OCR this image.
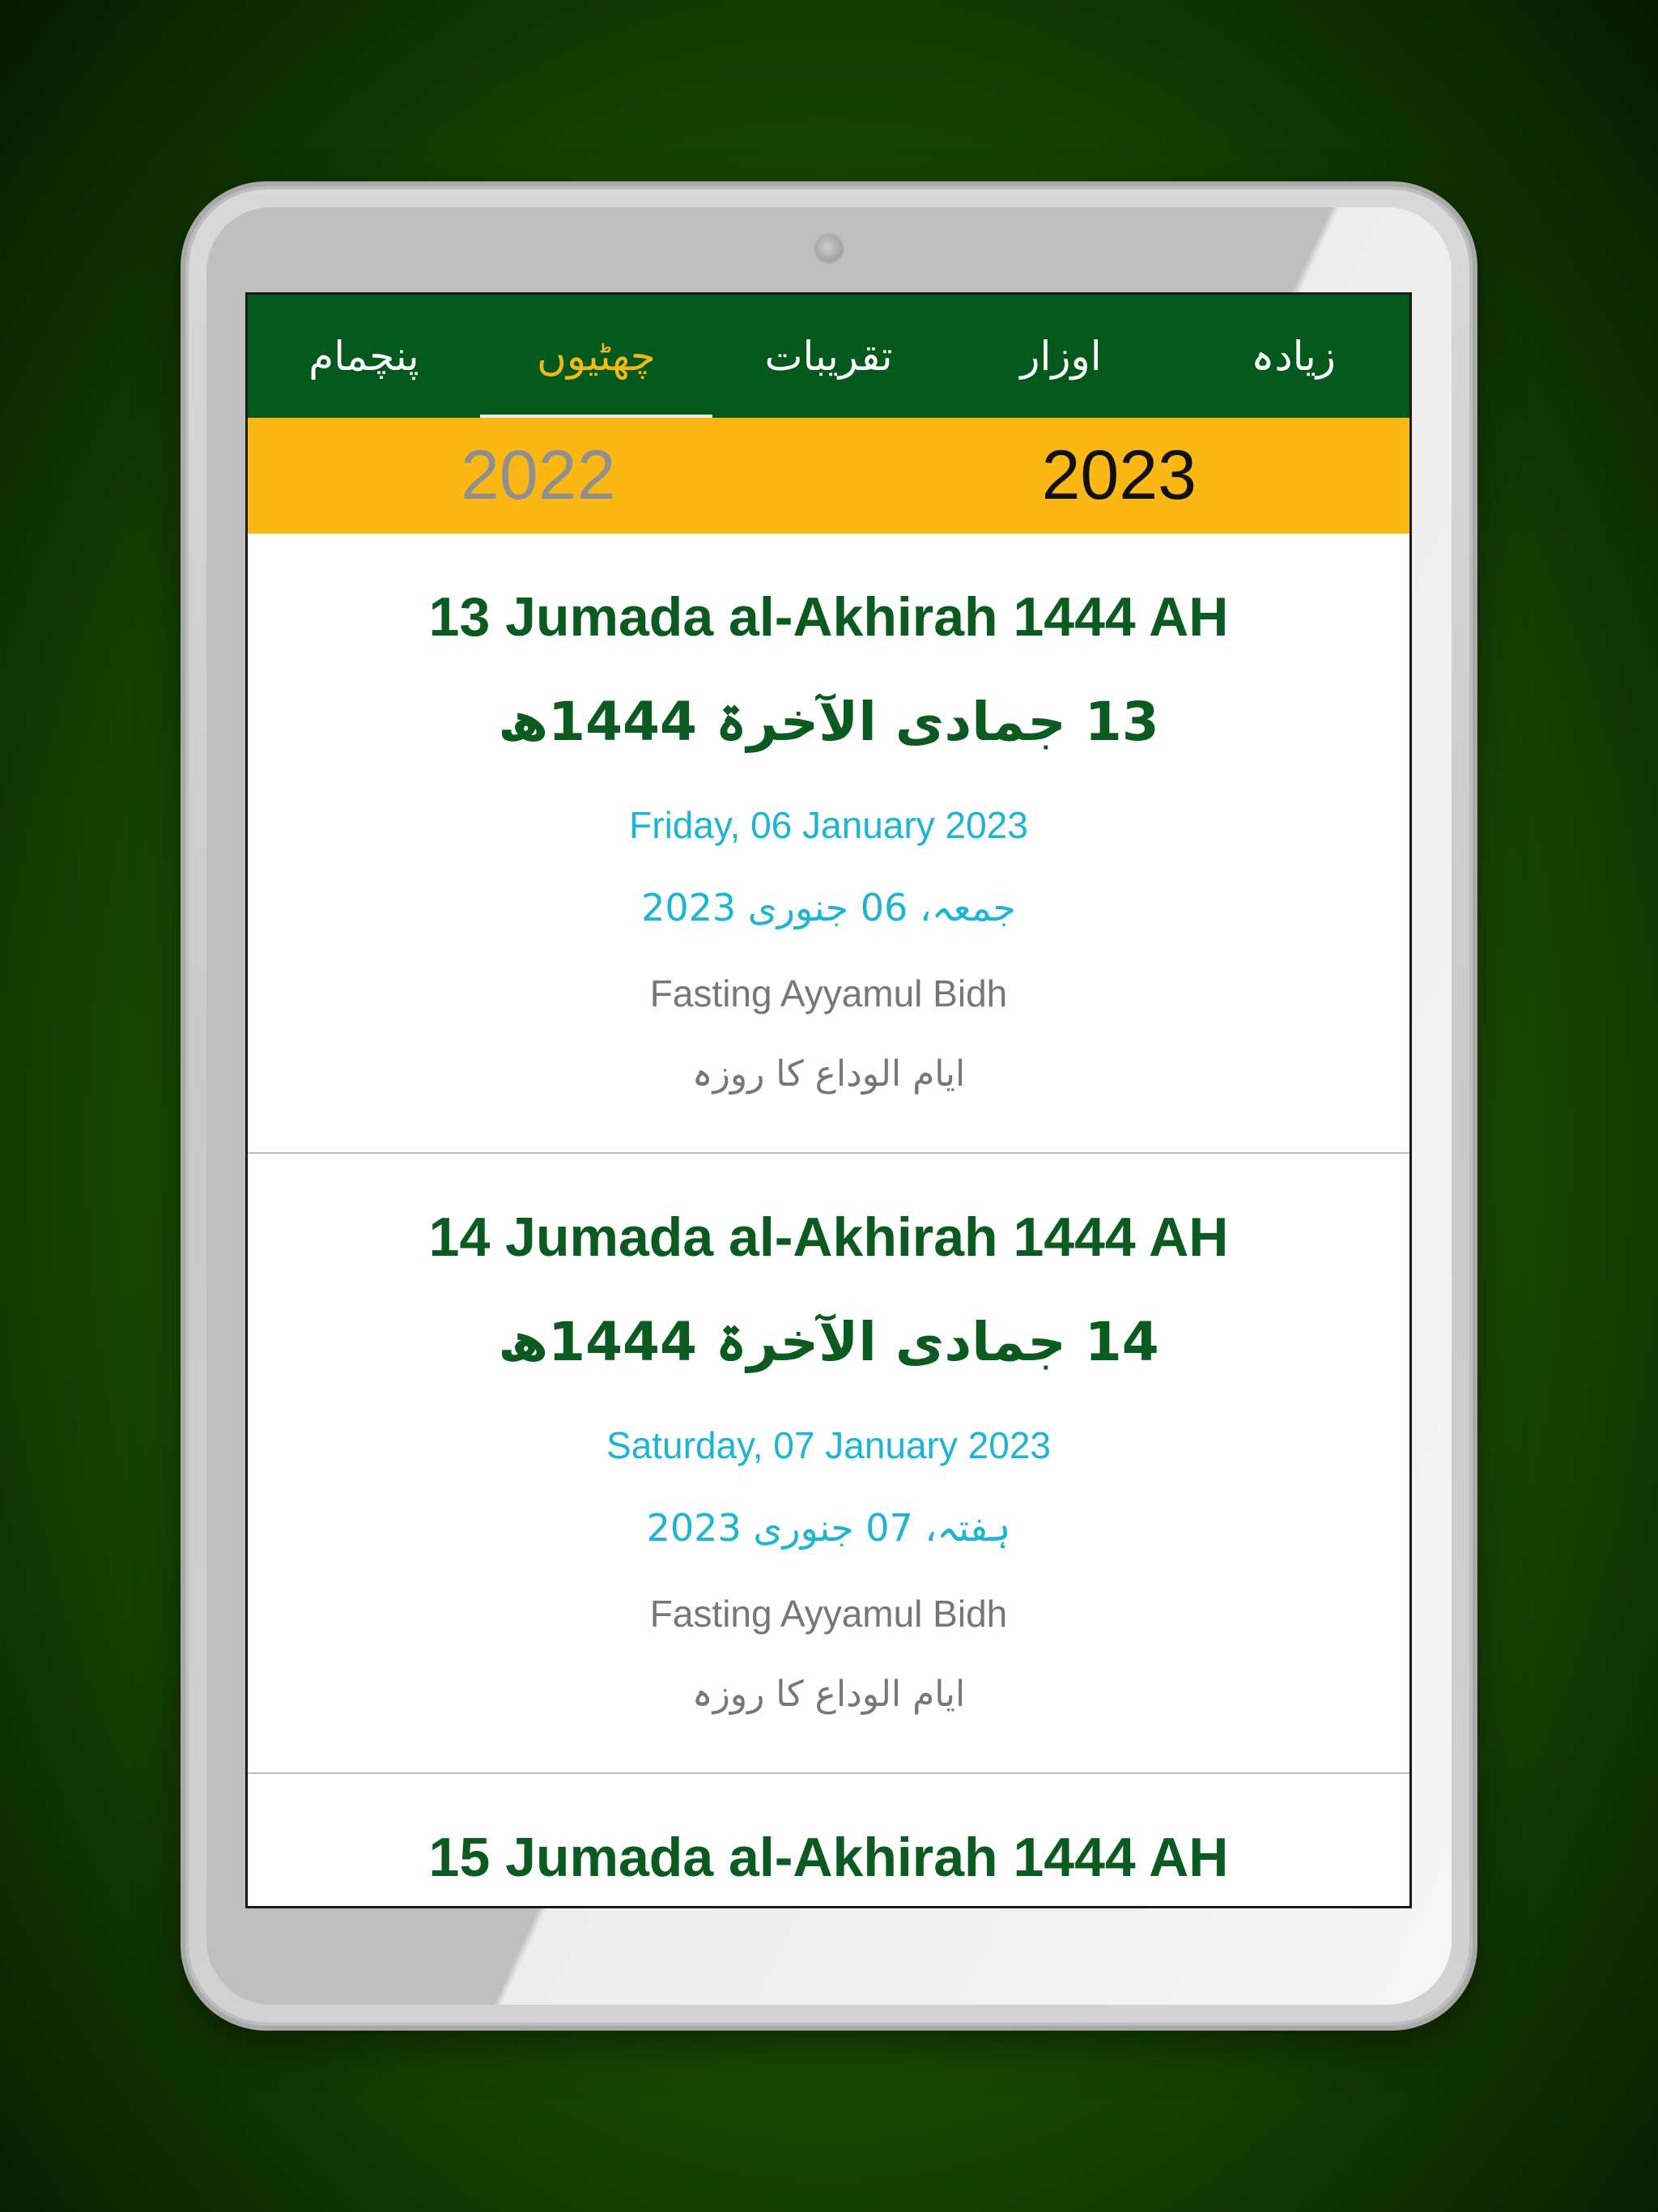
زیادہ
اوزار
تقریبات
چھٹیوں
پنچمام
2023
2022
13 Jumada al-Akhirah 1444 AH
13 جمادی الآخرۃ 1444ھ
Friday, 06 January 2023
جمعہ، 06 جنوری 2023
Fasting Ayyamul Bidh
ایام الوداع کا روزہ
14 Jumada al-Akhirah 1444 AH
14 جمادی الآخرۃ 1444ھ
Saturday, 07 January 2023
ہفتہ، 07 جنوری 2023
Fasting Ayyamul Bidh
ایام الوداع کا روزہ
15 Jumada al-Akhirah 1444 AH
